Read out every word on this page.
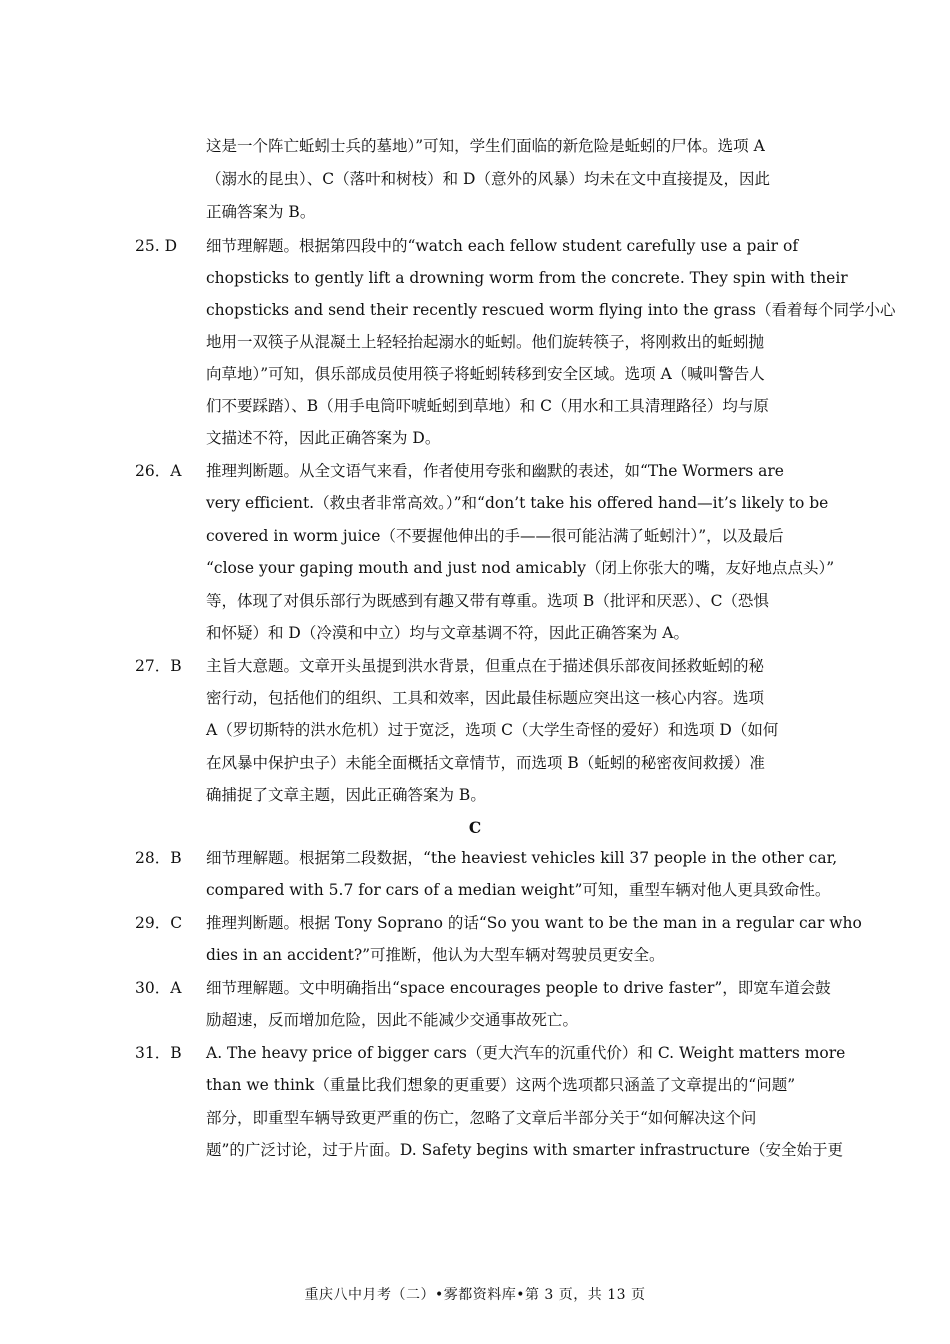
这是一个阵亡蚯蚓士兵的墓地）”可知，学生们面临的新危险是蚯蚓的尸体。选项 A
（溺水的昆虫）、C（落叶和树枝）和 D（意外的风暴）均未在文中直接提及，因此
正确答案为 B。
25. D 细节理解题。根据第四段中的“watch each fellow student carefully use a pair of
chopsticks to gently lift a drowning worm from the concrete. They spin with their
chopsticks and send their recently rescued worm flying into the grass（看着每个同学小心
地用一双筷子从混凝土上轻轻抬起溺水的蚯蚓。他们旋转筷子，将刚救出的蚯蚓抛
向草地）”可知，俱乐部成员使用筷子将蚯蚓转移到安全区域。选项 A（喊叫警告人
们不要踩踏）、B（用手电筒吓唬蚯蚓到草地）和 C（用水和工具清理路径）均与原
文描述不符，因此正确答案为 D。
26．A 推理判断题。从全文语气来看，作者使用夸张和幽默的表述，如“The Wormers are
very efficient.（救虫者非常高效。）”和“don’t take his offered hand—it’s likely to be
covered in worm juice（不要握他伸出的手——很可能沾满了蚯蚓汁）”，以及最后
“close your gaping mouth and just nod amicably（闭上你张大的嘴，友好地点点头）”
等，体现了对俱乐部行为既感到有趣又带有尊重。选项 B（批评和厌恶）、C（恐惧
和怀疑）和 D（冷漠和中立）均与文章基调不符，因此正确答案为 A。
27．B 主旨大意题。文章开头虽提到洪水背景，但重点在于描述俱乐部夜间拯救蚯蚓的秘
密行动，包括他们的组织、工具和效率，因此最佳标题应突出这一核心内容。选项
A（罗切斯特的洪水危机）过于宽泛，选项 C（大学生奇怪的爱好）和选项 D（如何
在风暴中保护虫子）未能全面概括文章情节，而选项 B（蚯蚓的秘密夜间救援）准
确捕捉了文章主题，因此正确答案为 B。
C
28．B 细节理解题。根据第二段数据，“the heaviest vehicles kill 37 people in the other car,
compared with 5.7 for cars of a median weight”可知，重型车辆对他人更具致命性。
29．C 推理判断题。根据 Tony Soprano 的话“So you want to be the man in a regular car who
dies in an accident?”可推断，他认为大型车辆对驾驶员更安全。
30．A 细节理解题。文中明确指出“space encourages people to drive faster”，即宽车道会鼓
励超速，反而增加危险，因此不能减少交通事故死亡。
31．B A. The heavy price of bigger cars（更大汽车的沉重代价）和 C. Weight matters more
than we think（重量比我们想象的更重要）这两个选项都只涵盖了文章提出的“问题”
部分，即重型车辆导致更严重的伤亡，忽略了文章后半部分关于“如何解决这个问
题”的广泛讨论，过于片面。D. Safety begins with smarter infrastructure（安全始于更
重庆八中月考（二）•雾都资料库•第 3 页，共 13 页
